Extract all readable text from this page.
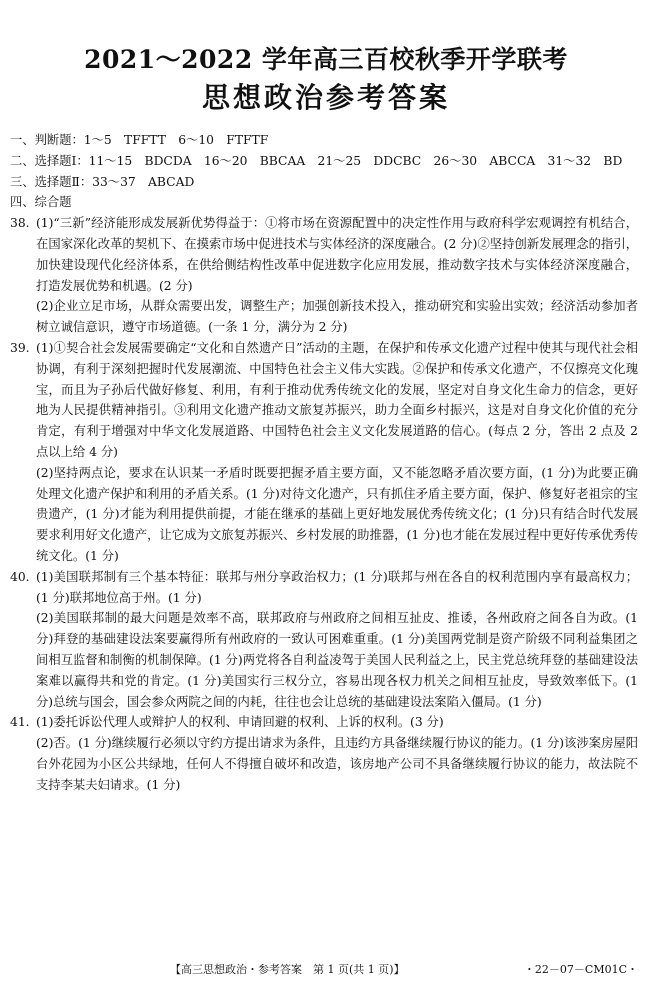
2021～2022 学年高三百校秋季开学联考
思想政治参考答案
一、判断题：1～5　TFFTT　6～10　FTFTF
二、选择题Ⅰ：11～15　BDCDA　16～20　BBCAA　21～25　DDCBC　26～30　ABCCA　31～32　BD
三、选择题Ⅱ：33～37　ABCAD
四、综合题
38. (1)“三新”经济能形成发展新优势得益于：①将市场在资源配置中的决定性作用与政府科学宏观调控有机结合，在国家深化改革的契机下、在摸索市场中促进技术与实体经济的深度融合。(2 分)②坚持创新发展理念的指引，加快建设现代化经济体系，在供给侧结构性改革中促进数字化应用发展，推动数字技术与实体经济深度融合，打造发展优势和机遇。(2 分)
(2)企业立足市场，从群众需要出发，调整生产；加强创新技术投入，推动研究和实验出实效；经济活动参加者树立诚信意识，遵守市场道德。(一条 1 分，满分为 2 分)
39. (1)①契合社会发展需要确定“文化和自然遗产日”活动的主题，在保护和传承文化遗产过程中使其与现代社会相协调，有利于深刻把握时代发展潮流、中国特色社会主义伟大实践。②保护和传承文化遗产，不仅擦亮文化瑰宝，而且为子孙后代做好修复、利用，有利于推动优秀传统文化的发展，坚定对自身文化生命力的信念，更好地为人民提供精神指引。③利用文化遗产推动文旅复苏振兴，助力全面乡村振兴，这是对自身文化价值的充分肯定，有利于增强对中华文化发展道路、中国特色社会主义文化发展道路的信心。(每点 2 分，答出 2 点及 2 点以上给 4 分)
(2)坚持两点论，要求在认识某一矛盾时既要把握矛盾主要方面，又不能忽略矛盾次要方面，(1 分)为此要正确处理文化遗产保护和利用的矛盾关系。(1 分)对待文化遗产，只有抓住矛盾主要方面，保护、修复好老祖宗的宝贵遗产，(1 分)才能为利用提供前提，才能在继承的基础上更好地发展优秀传统文化；(1 分)只有结合时代发展要求利用好文化遗产，让它成为文旅复苏振兴、乡村发展的助推器，(1 分)也才能在发展过程中更好传承优秀传统文化。(1 分)
40. (1)美国联邦制有三个基本特征：联邦与州分享政治权力；(1 分)联邦与州在各自的权利范围内享有最高权力；(1 分)联邦地位高于州。(1 分)
(2)美国联邦制的最大问题是效率不高，联邦政府与州政府之间相互扯皮、推诿，各州政府之间各自为政。(1 分)拜登的基础建设法案要赢得所有州政府的一致认可困难重重。(1 分)美国两党制是资产阶级不同利益集团之间相互监督和制衡的机制保障。(1 分)两党将各自利益凌驾于美国人民利益之上，民主党总统拜登的基础建设法案难以赢得共和党的肯定。(1 分)美国实行三权分立，容易出现各权力机关之间相互扯皮，导致效率低下。(1 分)总统与国会，国会参众两院之间的内耗，往往也会让总统的基础建设法案陷入僵局。(1 分)
41. (1)委托诉讼代理人或辩护人的权利、申请回避的权利、上诉的权利。(3 分)
(2)否。(1 分)继续履行必须以守约方提出请求为条件，且违约方具备继续履行协议的能力。(1 分)该涉案房屋阳台外花园为小区公共绿地，任何人不得擅自破坏和改造，该房地产公司不具备继续履行协议的能力，故法院不支持李某夫妇请求。(1 分)
【高三思想政治・参考答案　第 1 页(共 1 页)】	・22－07－CM01C・
